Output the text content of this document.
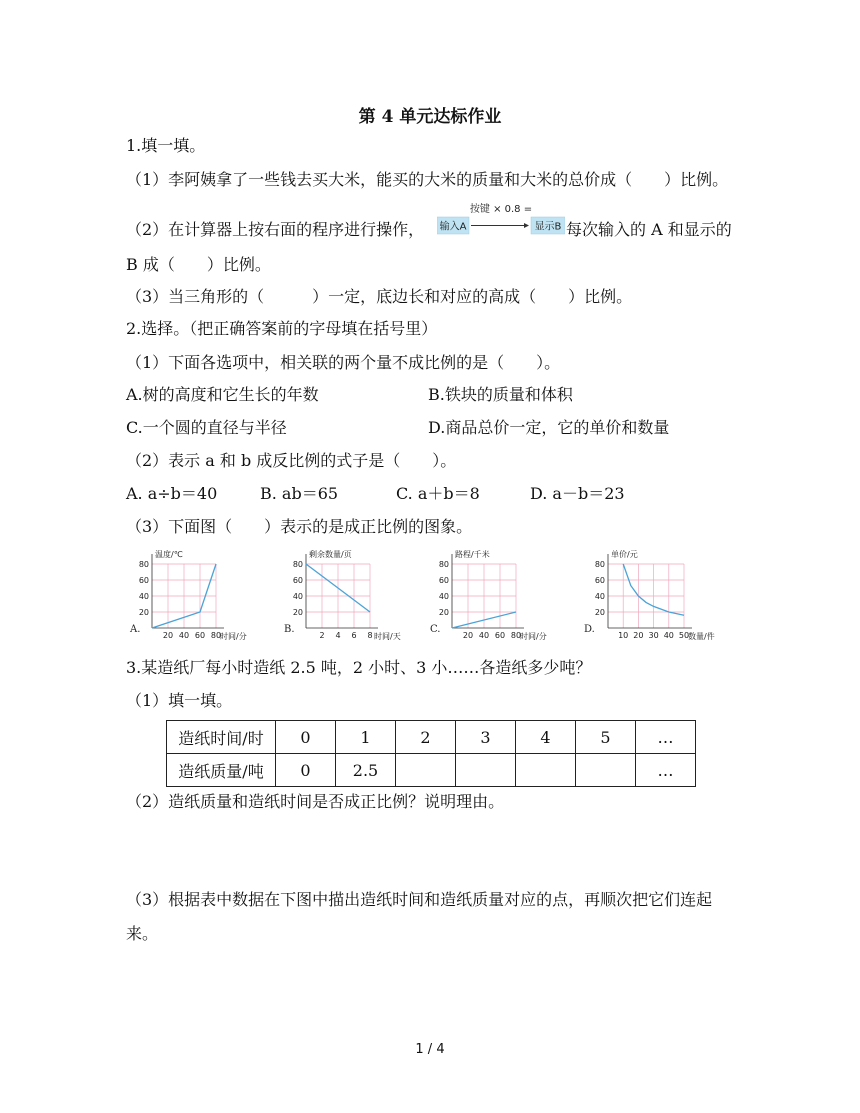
第 4 单元达标作业
1.填一填。
（1）李阿姨拿了一些钱去买大米，能买的大米的质量和大米的总价成（　　）比例。
（2）在计算器上按右面的程序进行操作，
按键 × 0.8 =
输入A	显示B 每次输入的 A 和显示的
B 成（　　）比例。
（3）当三角形的（　　　）一定，底边长和对应的高成（　　）比例。
2.选择。（把正确答案前的字母填在括号里）
（1）下面各选项中，相关联的两个量不成比例的是（　　）。
A.树的高度和它生长的年数	B.铁块的质量和体积
C.一个圆的直径与半径	D.商品总价一定，它的单价和数量
（2）表示 a 和 b 成反比例的式子是（　　）。
A. a÷b＝40	B. ab＝65	C. a＋b＝8	D. a－b＝23
（3）下面图（　　）表示的是成正比例的图象。
20
40
60
80
20 40 60 80
温度/℃
时间/分
A.
20
40
60
80
2 4 6 8
剩余数量/页
时间/天
B.
20
40
60
80
20 40 60 80
路程/千米
时间/分
C.
20
40
60
80
10 20 30 40 50
单价/元
数量/件
D.
3.某造纸厂每小时造纸 2.5 吨，2 小时、3 小……各造纸多少吨？
（1）填一填。
造纸时间/时	0	1	2	3	4	5	…
造纸质量/吨	0	2.5					…
（2）造纸质量和造纸时间是否成正比例？说明理由。
（3）根据表中数据在下图中描出造纸时间和造纸质量对应的点，再顺次把它们连起
来。
1 / 4
